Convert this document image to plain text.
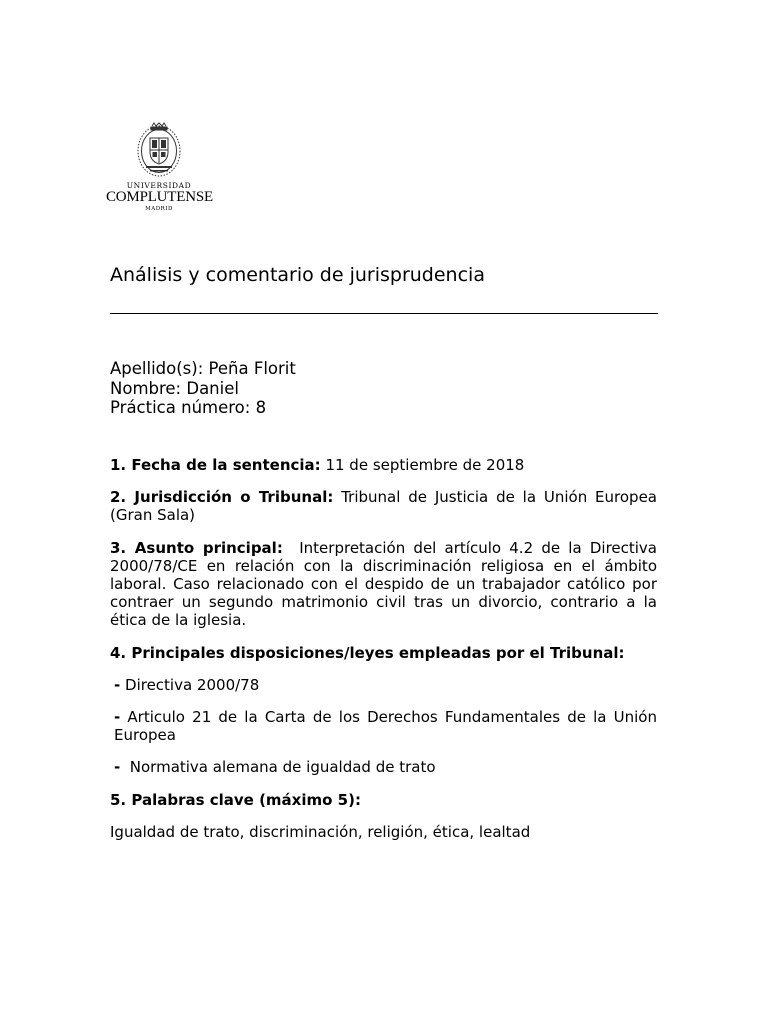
UNIVERSIDAD
COMPLUTENSE
MADRID
Análisis y comentario de jurisprudencia
Apellido(s): Peña Florit
Nombre: Daniel
Práctica número: 8

1. Fecha de la sentencia: 11 de septiembre de 2018

2. Jurisdicción o Tribunal: Tribunal de Justicia de la Unión Europea (Gran Sala)

3. Asunto principal: Interpretación del artículo 4.2 de la Directiva 2000/78/CE en relación con la discriminación religiosa en el ámbito laboral. Caso relacionado con el despido de un trabajador católico por contraer un segundo matrimonio civil tras un divorcio, contrario a la ética de la iglesia.

4. Principales disposiciones/leyes empleadas por el Tribunal:

- Directiva 2000/78

- Articulo 21 de la Carta de los Derechos Fundamentales de la Unión Europea

- Normativa alemana de igualdad de trato

5. Palabras clave (máximo 5):

Igualdad de trato, discriminación, religión, ética, lealtad
